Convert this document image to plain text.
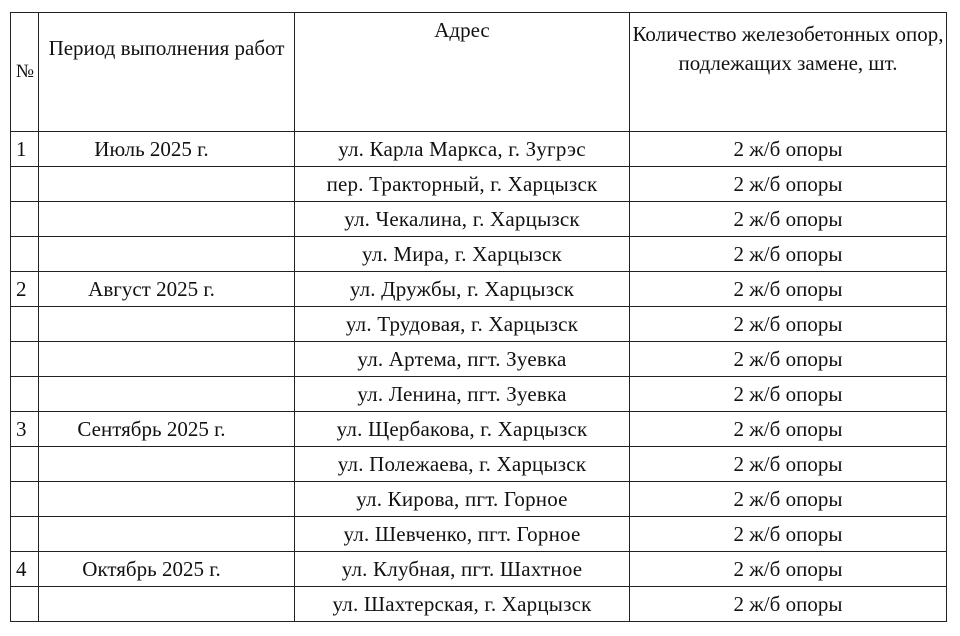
№	Период выполнения работ	Адрес	Количество железобетонных опор, подлежащих замене, шт.
1	Июль 2025 г.	ул. Карла Маркса, г. Зугрэс	2 ж/б опоры
		пер. Тракторный, г. Харцызск	2 ж/б опоры
		ул. Чекалина, г. Харцызск	2 ж/б опоры
		ул. Мира, г. Харцызск	2 ж/б опоры
2	Август 2025 г.	ул. Дружбы, г. Харцызск	2 ж/б опоры
		ул. Трудовая, г. Харцызск	2 ж/б опоры
		ул. Артема, пгт. Зуевка	2 ж/б опоры
		ул. Ленина, пгт. Зуевка	2 ж/б опоры
3	Сентябрь 2025 г.	ул. Щербакова, г. Харцызск	2 ж/б опоры
		ул. Полежаева, г. Харцызск	2 ж/б опоры
		ул. Кирова, пгт. Горное	2 ж/б опоры
		ул. Шевченко, пгт. Горное	2 ж/б опоры
4	Октябрь 2025 г.	ул. Клубная, пгт. Шахтное	2 ж/б опоры
		ул. Шахтерская, г. Харцызск	2 ж/б опоры
